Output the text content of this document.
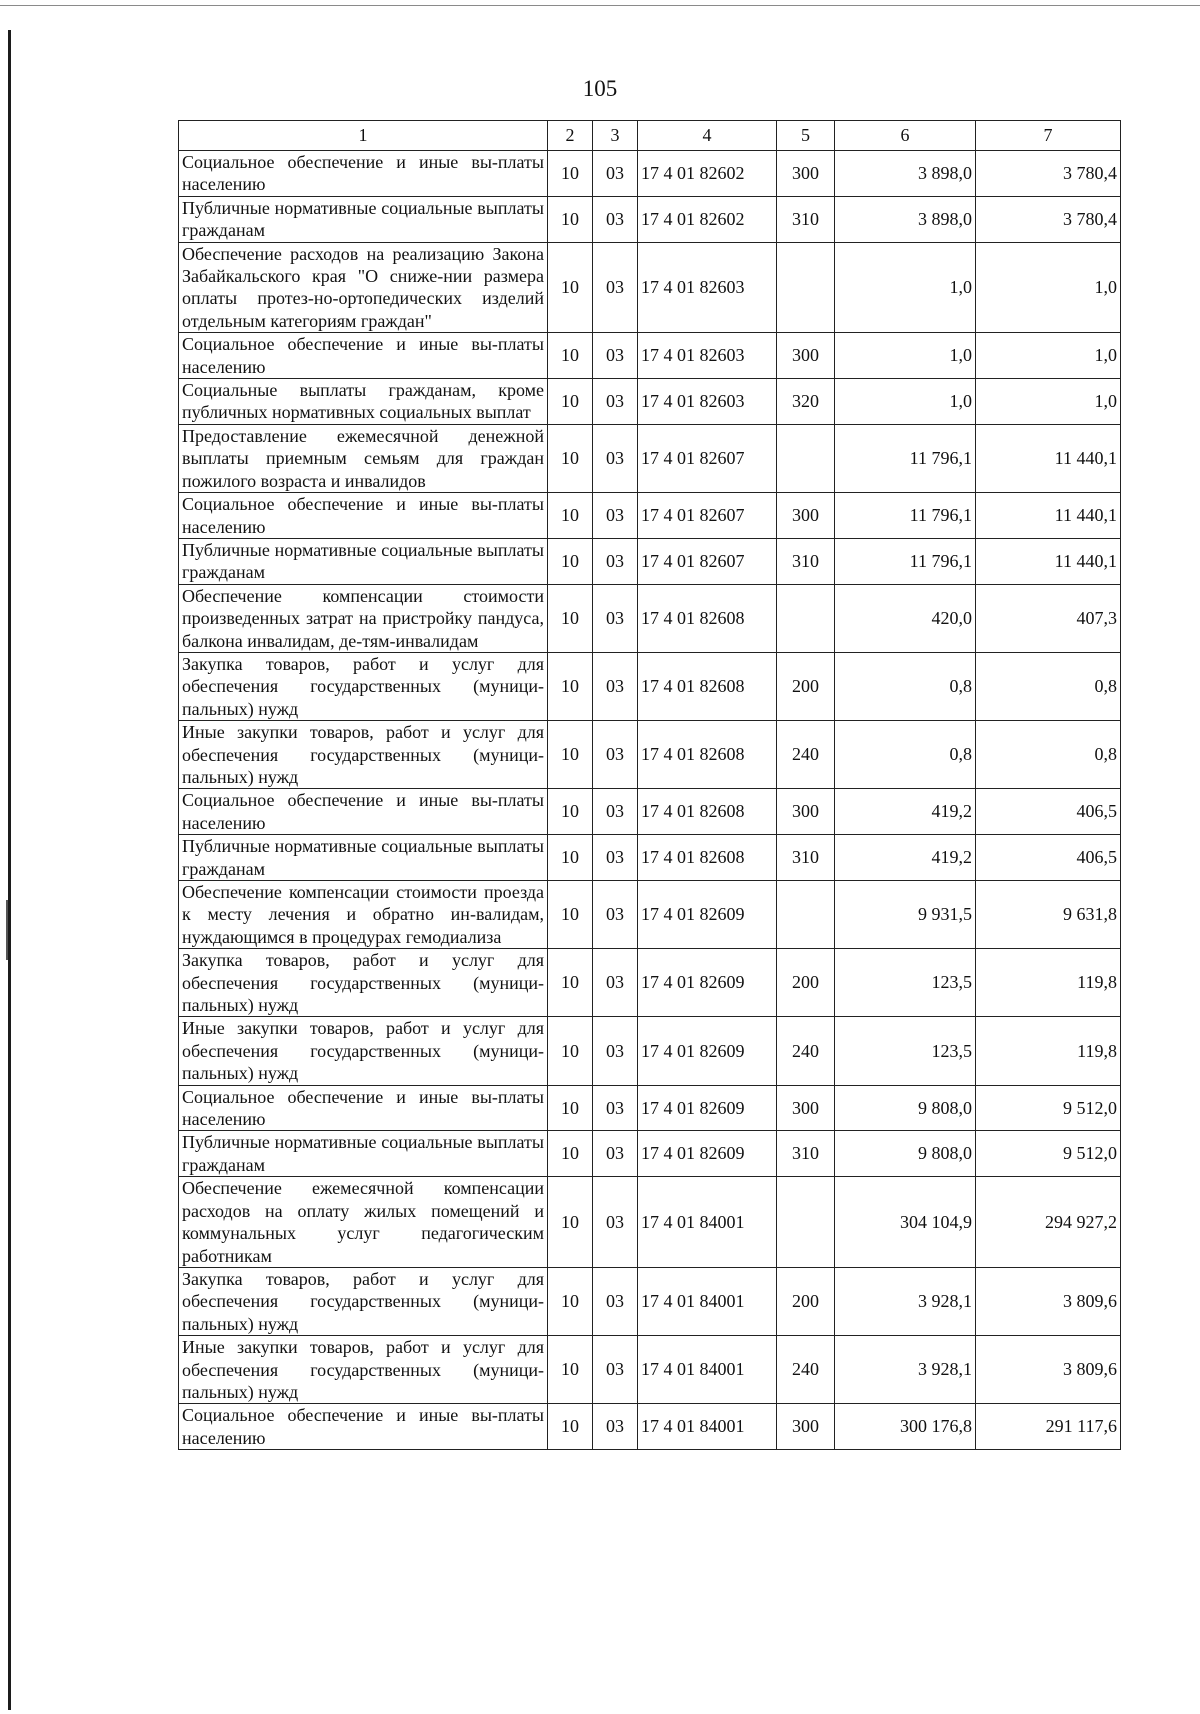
105
1	2	3	4	5	6	7
Социальное обеспечение и иные вы-платы населению	10	03	17 4 01 82602	300	3 898,0	3 780,4
Публичные нормативные социальные выплаты гражданам	10	03	17 4 01 82602	310	3 898,0	3 780,4
Обеспечение расходов на реализацию Закона Забайкальского края "О сниже-нии размера оплаты протез-но-ортопедических изделий отдельным категориям граждан"	10	03	17 4 01 82603		1,0	1,0
Социальное обеспечение и иные вы-платы населению	10	03	17 4 01 82603	300	1,0	1,0
Социальные выплаты гражданам, кроме публичных нормативных социальных выплат	10	03	17 4 01 82603	320	1,0	1,0
Предоставление ежемесячной денежной выплаты приемным семьям для граждан пожилого возраста и инвалидов	10	03	17 4 01 82607		11 796,1	11 440,1
Социальное обеспечение и иные вы-платы населению	10	03	17 4 01 82607	300	11 796,1	11 440,1
Публичные нормативные социальные выплаты гражданам	10	03	17 4 01 82607	310	11 796,1	11 440,1
Обеспечение компенсации стоимости произведенных затрат на пристройку пандуса, балкона инвалидам, де-тям-инвалидам	10	03	17 4 01 82608		420,0	407,3
Закупка товаров, работ и услуг для обеспечения государственных (муници-пальных) нужд	10	03	17 4 01 82608	200	0,8	0,8
Иные закупки товаров, работ и услуг для обеспечения государственных (муници-пальных) нужд	10	03	17 4 01 82608	240	0,8	0,8
Социальное обеспечение и иные вы-платы населению	10	03	17 4 01 82608	300	419,2	406,5
Публичные нормативные социальные выплаты гражданам	10	03	17 4 01 82608	310	419,2	406,5
Обеспечение компенсации стоимости проезда к месту лечения и обратно ин-валидам, нуждающимся в процедурах гемодиализа	10	03	17 4 01 82609		9 931,5	9 631,8
Закупка товаров, работ и услуг для обеспечения государственных (муници-пальных) нужд	10	03	17 4 01 82609	200	123,5	119,8
Иные закупки товаров, работ и услуг для обеспечения государственных (муници-пальных) нужд	10	03	17 4 01 82609	240	123,5	119,8
Социальное обеспечение и иные вы-платы населению	10	03	17 4 01 82609	300	9 808,0	9 512,0
Публичные нормативные социальные выплаты гражданам	10	03	17 4 01 82609	310	9 808,0	9 512,0
Обеспечение ежемесячной компенсации расходов на оплату жилых помещений и коммунальных услуг педагогическим работникам	10	03	17 4 01 84001		304 104,9	294 927,2
Закупка товаров, работ и услуг для обеспечения государственных (муници-пальных) нужд	10	03	17 4 01 84001	200	3 928,1	3 809,6
Иные закупки товаров, работ и услуг для обеспечения государственных (муници-пальных) нужд	10	03	17 4 01 84001	240	3 928,1	3 809,6
Социальное обеспечение и иные вы-платы населению	10	03	17 4 01 84001	300	300 176,8	291 117,6
